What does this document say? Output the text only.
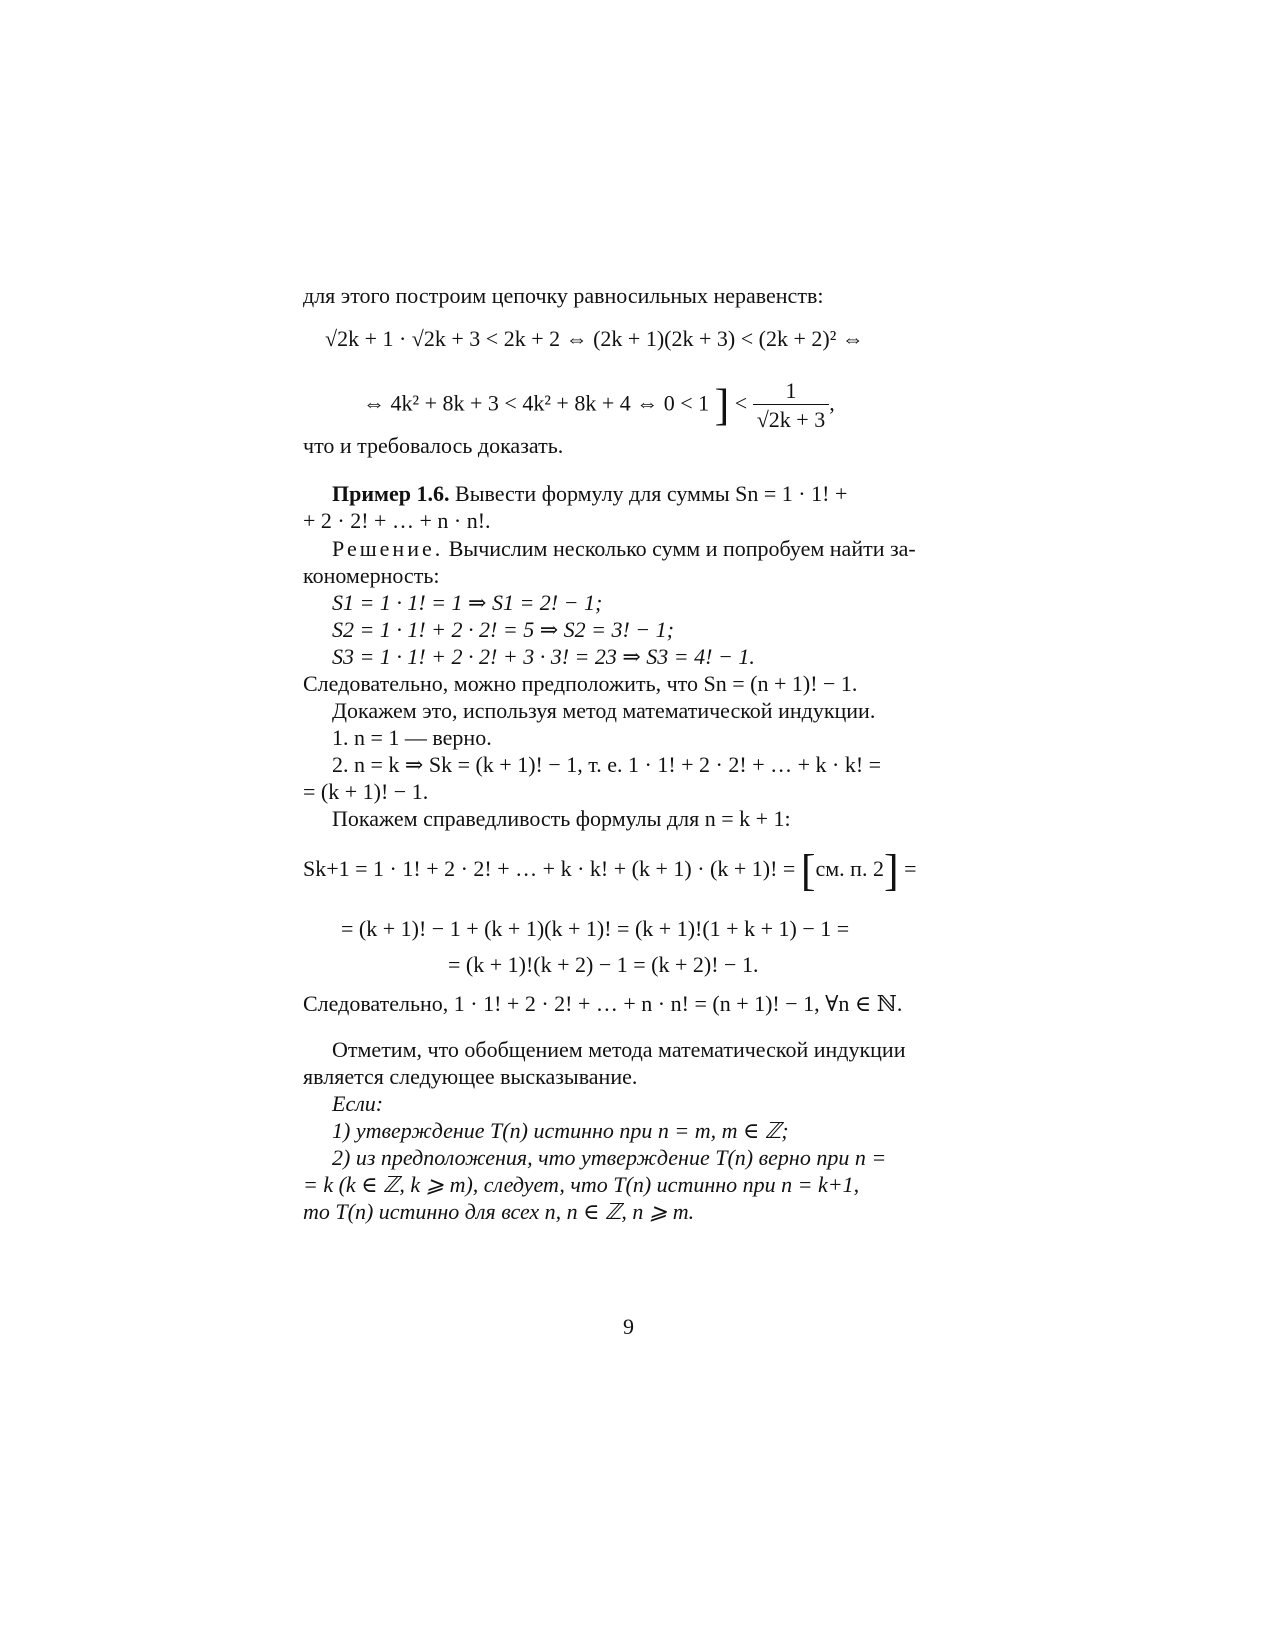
для этого построим цепочку равносильных неравенств:
√2k + 1 · √2k + 3 < 2k + 2 ⇔ (2k + 1)(2k + 3) < (2k + 2)² ⇔
⇔ 4k² + 8k + 3 < 4k² + 8k + 4 ⇔ 0 < 1 ] < $\frac{1}{√2k + 3}$ ,
что и требовалось доказать.
Пример 1.6. Вывести формулу для суммы Sn = 1 · 1! +
+ 2 · 2! + … + n · n!.
Решение. Вычислим несколько сумм и попробуем найти за-
кономерность:
S1 = 1 · 1! = 1 ⇒ S1 = 2! − 1;
S2 = 1 · 1! + 2 · 2! = 5 ⇒ S2 = 3! − 1;
S3 = 1 · 1! + 2 · 2! + 3 · 3! = 23 ⇒ S3 = 4! − 1.
Следовательно, можно предположить, что Sn = (n + 1)! − 1.
Докажем это, используя метод математической индукции.
1. n = 1 — верно.
2. n = k ⇒ Sk = (k + 1)! − 1, т. е. 1 · 1! + 2 · 2! + … + k · k! =
= (k + 1)! − 1.
Покажем справедливость формулы для n = k + 1:
Sk+1 = 1 · 1! + 2 · 2! + … + k · k! + (k + 1) · (k + 1)! = [см. п. 2] =
= (k + 1)! − 1 + (k + 1)(k + 1)! = (k + 1)!(1 + k + 1) − 1 =
= (k + 1)!(k + 2) − 1 = (k + 2)! − 1.
Следовательно, 1 · 1! + 2 · 2! + … + n · n! = (n + 1)! − 1, ∀n ∈ ℕ.
Отметим, что обобщением метода математической индукции
является следующее высказывание.
Если:
1) утверждение T(n) истинно при n = m, m ∈ ℤ;
2) из предположения, что утверждение T(n) верно при n =
= k (k ∈ ℤ, k ⩾ m), следует, что T(n) истинно при n = k+1,
то T(n) истинно для всех n, n ∈ ℤ, n ⩾ m.
9
